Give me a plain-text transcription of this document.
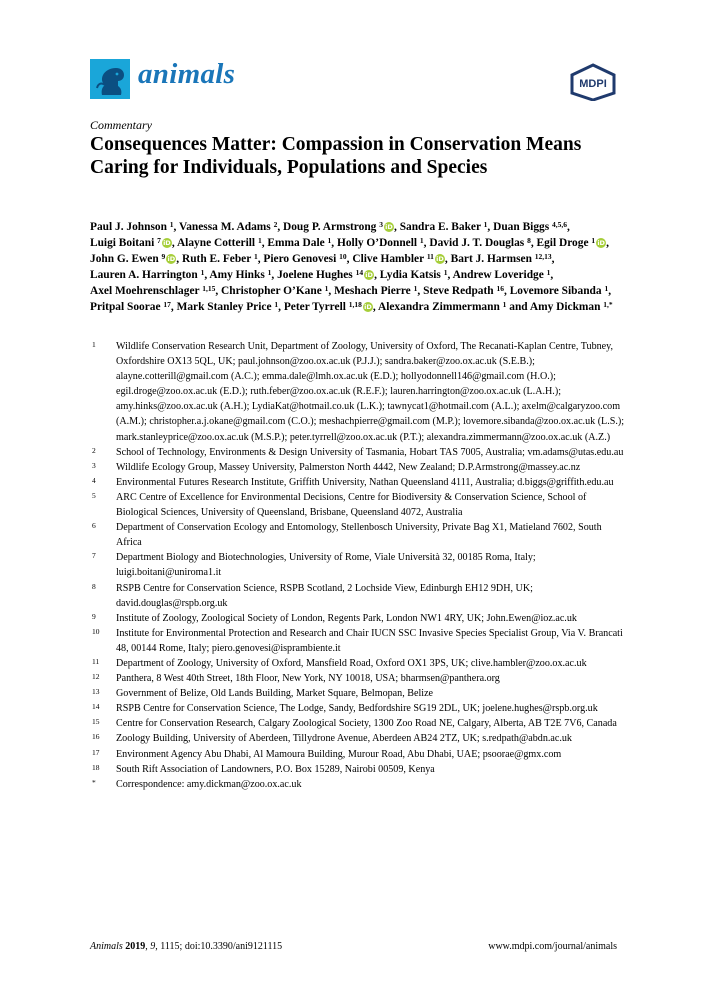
animals	MDPI
Commentary
Consequences Matter: Compassion in Conservation Means Caring for Individuals, Populations and Species
Paul J. Johnson $^1$, Vanessa M. Adams $^2$, Doug P. Armstrong $^3$ iD, Sandra E. Baker $^1$, Duan Biggs $^{4,5,6}$, Luigi Boitani $^7$ iD, Alayne Cotterill $^1$, Emma Dale $^1$, Holly O’Donnell $^1$, David J. T. Douglas $^8$, Egil Droge $^1$ iD, John G. Ewen $^9$ iD, Ruth E. Feber $^1$, Piero Genovesi $^{10}$, Clive Hambler $^{11}$ iD, Bart J. Harmsen $^{12,13}$, Lauren A. Harrington $^1$, Amy Hinks $^1$, Joelene Hughes $^{14}$ iD, Lydia Katsis $^1$, Andrew Loveridge $^1$, Axel Moehrenschlager $^{1,15}$, Christopher O’Kane $^1$, Meshach Pierre $^1$, Steve Redpath $^{16}$, Lovemore Sibanda $^1$, Pritpal Soorae $^{17}$, Mark Stanley Price $^1$, Peter Tyrrell $^{1,18}$ iD, Alexandra Zimmermann $^1$ and Amy Dickman $^{1,*}$
1	Wildlife Conservation Research Unit, Department of Zoology, University of Oxford, The Recanati-Kaplan Centre, Tubney, Oxfordshire OX13 5QL, UK; paul.johnson@zoo.ox.ac.uk (P.J.J.); sandra.baker@zoo.ox.ac.uk (S.E.B.); alayne.cotterill@gmail.com (A.C.); emma.dale@lmh.ox.ac.uk (E.D.); hollyodonnell146@gmail.com (H.O.); egil.droge@zoo.ox.ac.uk (E.D.); ruth.feber@zoo.ox.ac.uk (R.E.F.); lauren.harrington@zoo.ox.ac.uk (L.A.H.); amy.hinks@zoo.ox.ac.uk (A.H.); LydiaKat@hotmail.co.uk (L.K.); tawnycat1@hotmail.com (A.L.); axelm@calgaryzoo.com (A.M.); christopher.a.j.okane@gmail.com (C.O.); meshachpierre@gmail.com (M.P.); lovemore.sibanda@zoo.ox.ac.uk (L.S.); mark.stanleyprice@zoo.ox.ac.uk (M.S.P.); peter.tyrrell@zoo.ox.ac.uk (P.T.); alexandra.zimmermann@zoo.ox.ac.uk (A.Z.)
2	School of Technology, Environments & Design University of Tasmania, Hobart TAS 7005, Australia; vm.adams@utas.edu.au
3	Wildlife Ecology Group, Massey University, Palmerston North 4442, New Zealand; D.P.Armstrong@massey.ac.nz
4	Environmental Futures Research Institute, Griffith University, Nathan Queensland 4111, Australia; d.biggs@griffith.edu.au
5	ARC Centre of Excellence for Environmental Decisions, Centre for Biodiversity & Conservation Science, School of Biological Sciences, University of Queensland, Brisbane, Queensland 4072, Australia
6	Department of Conservation Ecology and Entomology, Stellenbosch University, Private Bag X1, Matieland 7602, South Africa
7	Department Biology and Biotechnologies, University of Rome, Viale Università 32, 00185 Roma, Italy; luigi.boitani@uniroma1.it
8	RSPB Centre for Conservation Science, RSPB Scotland, 2 Lochside View, Edinburgh EH12 9DH, UK; david.douglas@rspb.org.uk
9	Institute of Zoology, Zoological Society of London, Regents Park, London NW1 4RY, UK; John.Ewen@ioz.ac.uk
10	Institute for Environmental Protection and Research and Chair IUCN SSC Invasive Species Specialist Group, Via V. Brancati 48, 00144 Rome, Italy; piero.genovesi@isprambiente.it
11	Department of Zoology, University of Oxford, Mansfield Road, Oxford OX1 3PS, UK; clive.hambler@zoo.ox.ac.uk
12	Panthera, 8 West 40th Street, 18th Floor, New York, NY 10018, USA; bharmsen@panthera.org
13	Government of Belize, Old Lands Building, Market Square, Belmopan, Belize
14	RSPB Centre for Conservation Science, The Lodge, Sandy, Bedfordshire SG19 2DL, UK; joelene.hughes@rspb.org.uk
15	Centre for Conservation Research, Calgary Zoological Society, 1300 Zoo Road NE, Calgary, Alberta, AB T2E 7V6, Canada
16	Zoology Building, University of Aberdeen, Tillydrone Avenue, Aberdeen AB24 2TZ, UK; s.redpath@abdn.ac.uk
17	Environment Agency Abu Dhabi, Al Mamoura Building, Murour Road, Abu Dhabi, UAE; psoorae@gmx.com
18	South Rift Association of Landowners, P.O. Box 15289, Nairobi 00509, Kenya
*	Correspondence: amy.dickman@zoo.ox.ac.uk
Animals 2019, 9, 1115; doi:10.3390/ani9121115	www.mdpi.com/journal/animals
